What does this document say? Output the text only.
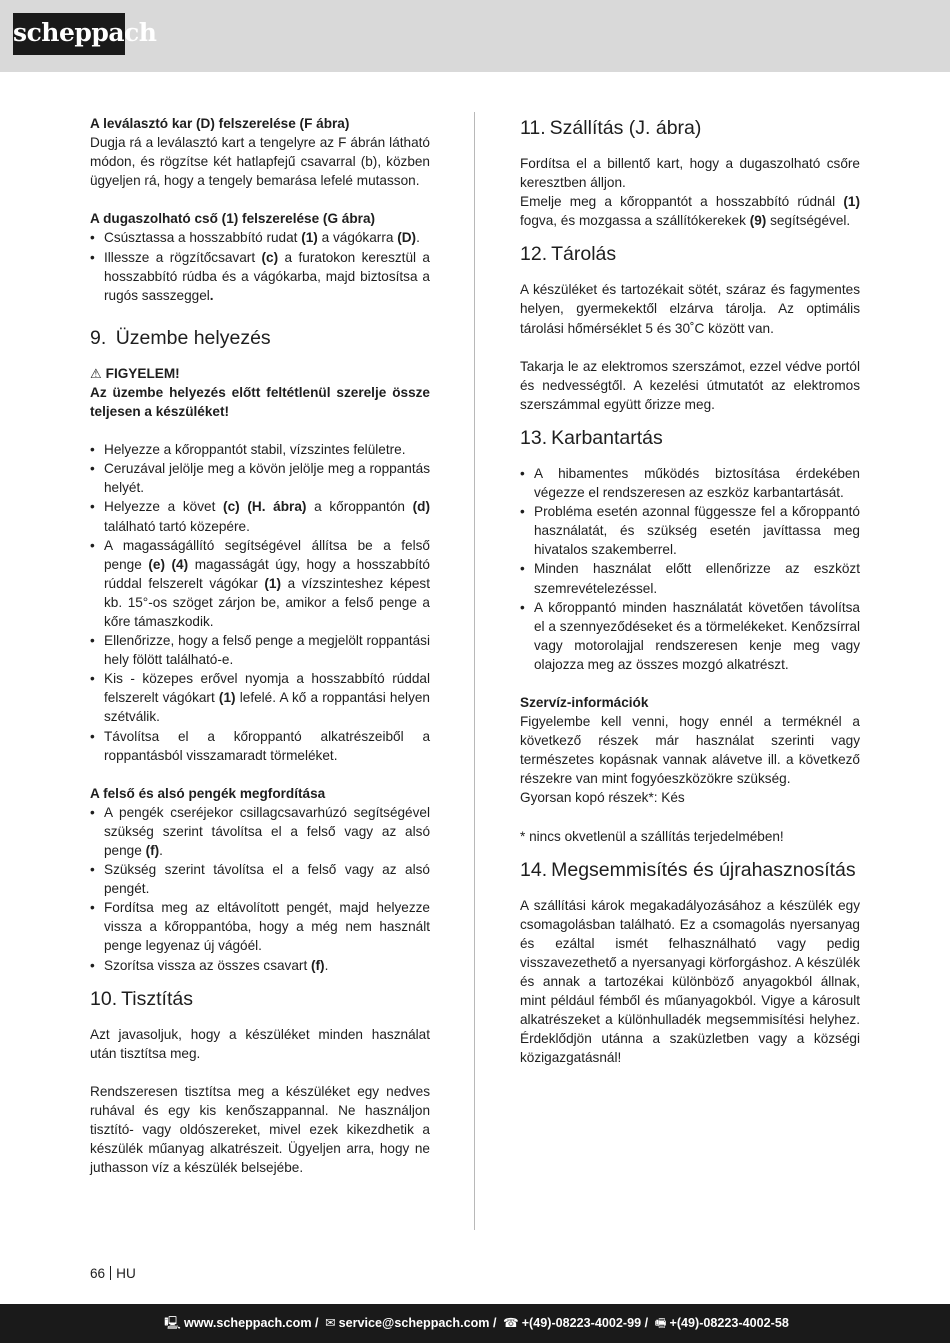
scheppach

A leválasztó kar (D) felszerelése (F ábra)

Dugja rá a leválasztó kart a tengelyre az F ábrán látható módon, és rögzítse két hatlapfejű csavarral (b), közben ügyeljen rá, hogy a tengely bemarása lefelé mutasson.

A dugaszolható cső (1) felszerelése (G ábra)

• Csúsztassa a hosszabbító rudat (1) a vágókarra (D).
• Illessze a rögzítőcsavart (c) a furatokon keresztül a hosszabbító rúdba és a vágókarba, majd biztosítsa a rugós sasszeggel.
9. Üzembe helyezés

⚠ FIGYELEM!

Az üzembe helyezés előtt feltétlenül szerelje össze teljesen a készüléket!

• Helyezze a kőroppantót stabil, vízszintes felületre.
• Ceruzával jelölje meg a kövön jelölje meg a roppantás helyét.
• Helyezze a követ (c) (H. ábra) a kőroppantón (d) található tartó közepére.
• A magasságállító segítségével állítsa be a felső penge (e) (4) magasságát úgy, hogy a hosszabbító rúddal felszerelt vágókar (1) a vízszinteshez képest kb. 15°-os szöget zárjon be, amikor a felső penge a kőre támaszkodik.
• Ellenőrizze, hogy a felső penge a megjelölt roppantási hely fölött található-e.
• Kis - közepes erővel nyomja a hosszabbító rúddal felszerelt vágókart (1) lefelé. A kő a roppantási helyen szétválik.
• Távolítsa el a kőroppantó alkatrészeiből a roppantásból visszamaradt törmeléket.

A felső és alsó pengék megfordítása

• A pengék cseréjekor csillagcsavarhúzó segítségével szükség szerint távolítsa el a felső vagy az alsó penge (f).
• Szükség szerint távolítsa el a felső vagy az alsó pengét.
• Fordítsa meg az eltávolított pengét, majd helyezze vissza a kőroppantóba, hogy a még nem használt penge legyenaz új vágóél.
• Szorítsa vissza az összes csavart (f).
10. Tisztítás

Azt javasoljuk, hogy a készüléket minden használat után tisztítsa meg.

Rendszeresen tisztítsa meg a készüléket egy nedves ruhával és egy kis kenőszappannal. Ne használjon tisztító- vagy oldószereket, mivel ezek kikezdhetik a készülék műanyag alkatrészeit. Ügyeljen arra, hogy ne juthasson víz a készülék belsejébe.

11. Szállítás (J. ábra)

Fordítsa el a billentő kart, hogy a dugaszolható csőre keresztben álljon.

Emelje meg a kőroppantót a hosszabbító rúdnál (1) fogva, és mozgassa a szállítókerekek (9) segítségével.

12. Tárolás

A készüléket és tartozékait sötét, száraz és fagymentes helyen, gyermekektől elzárva tárolja. Az optimális tárolási hőmérséklet 5 és 30˚C között van.

Takarja le az elektromos szerszámot, ezzel védve portól és nedvességtől. A kezelési útmutatót az elektromos szerszámmal együtt őrizze meg.

13. Karbantartás
• A hibamentes működés biztosítása érdekében végezze el rendszeresen az eszköz karbantartását.
• Probléma esetén azonnal függessze fel a kőroppantó használatát, és szükség esetén javíttassa meg hivatalos szakemberrel.
• Minden használat előtt ellenőrizze az eszközt szemrevételezéssel.
• A kőroppantó minden használatát követően távolítsa el a szennyeződéseket és a törmelékeket. Kenőzsírral vagy motorolajjal rendszeresen kenje meg vagy olajozza meg az összes mozgó alkatrészt.

Szervíz-információk

Figyelembe kell venni, hogy ennél a terméknél a következő részek már használat szerinti vagy természetes kopásnak vannak alávetve ill. a következő részekre van mint fogyóeszközökre szükség.

Gyorsan kopó részek*: Kés

* nincs okvetlenül a szállítás terjedelmében!

14. Megsemmisítés és újrahasznosítás

A szállítási károk megakadályozásához a készülék egy csomagolásban található. Ez a csomagolás nyersanyag és ezáltal ismét felhasználható vagy pedig visszavezethető a nyersanyagi körforgáshoz. A készülék és annak a tartozékai különböző anyagokból állnak, mint például fémből és műanyagokból. Vigye a károsult alkatrészeket a különhulladék megsemmisítési helyhez. Érdeklődjön utánna a szaküzletben vagy a községi közigazgatásnál!

66 HU
🖳 www.scheppach.com / ✉ service@scheppach.com / ☎ +(49)-08223-4002-99 / 🖷 +(49)-08223-4002-58
